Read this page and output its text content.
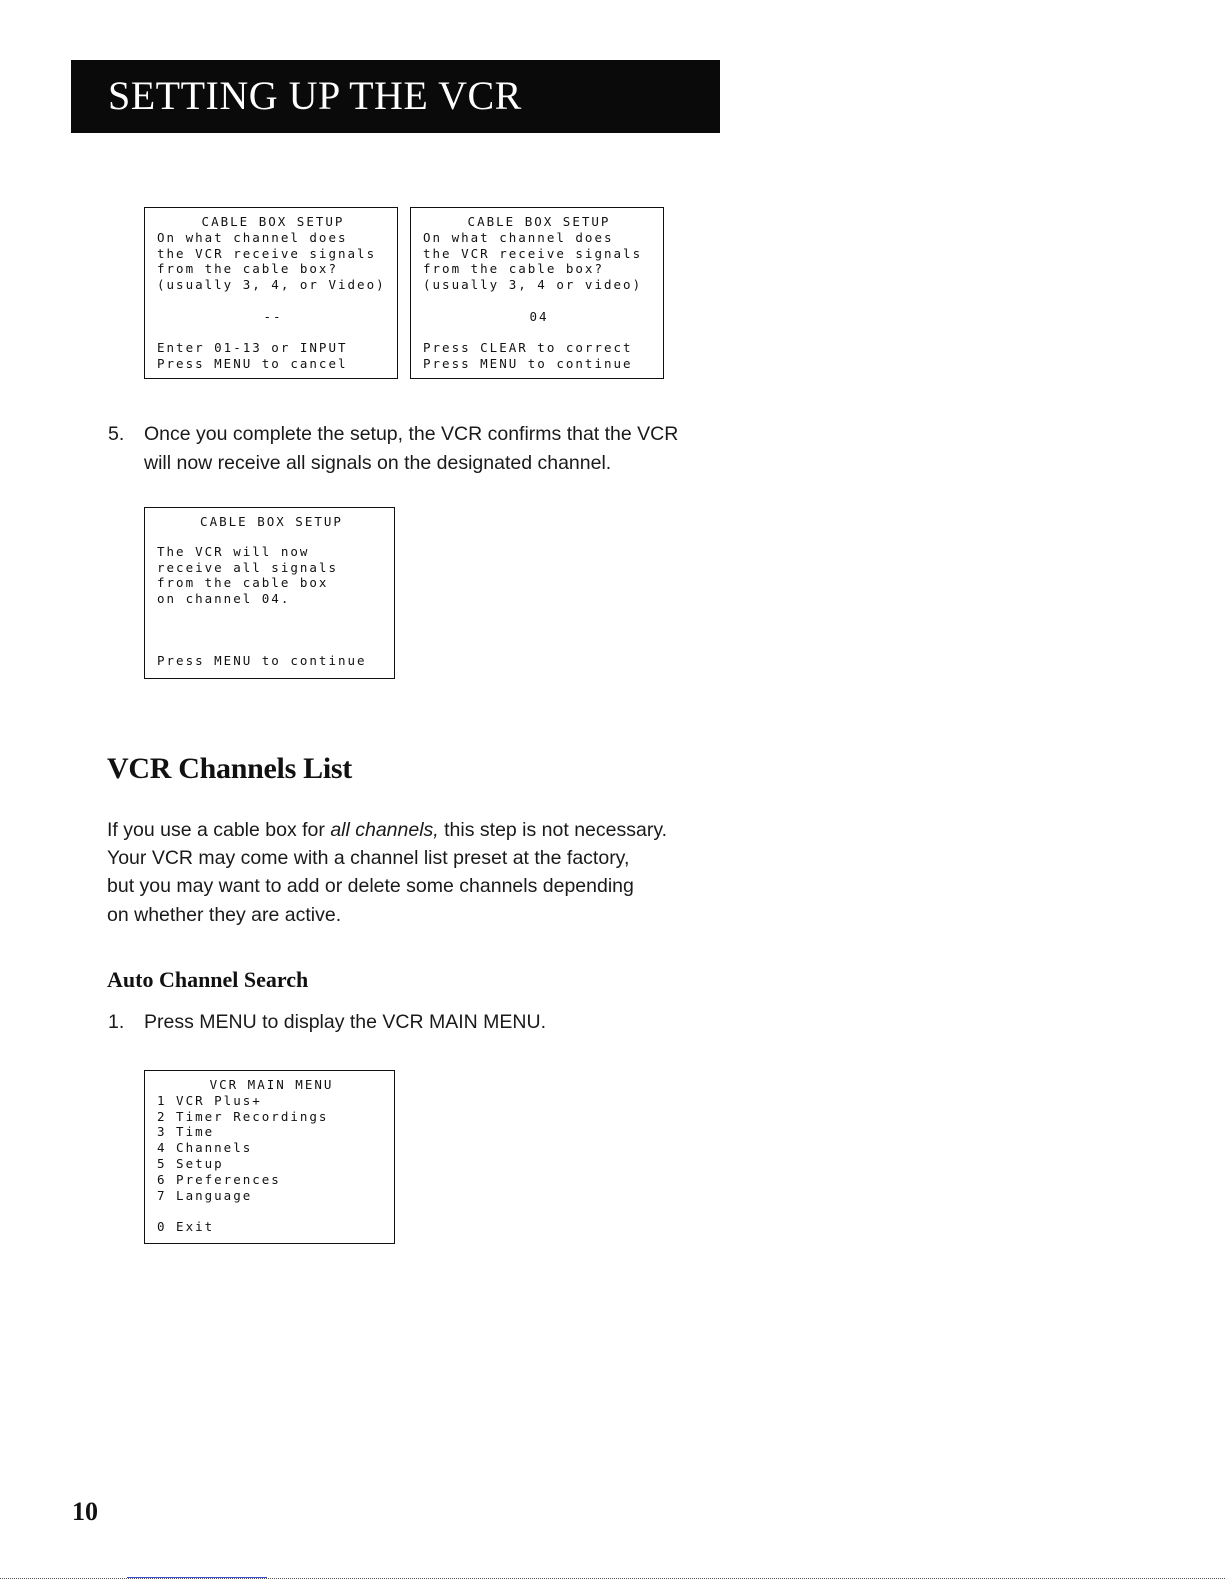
SETTING UP THE VCR
CABLE BOX SETUP
On what channel does
the VCR receive signals
from the cable box?
(usually 3, 4, or Video)
--
Enter 01-13 or INPUT
Press MENU to cancel
CABLE BOX SETUP
On what channel does
the VCR receive signals
from the cable box?
(usually 3, 4 or video)
04
Press CLEAR to correct
Press MENU to continue
5. Once you complete the setup, the VCR confirms that the VCR
will now receive all signals on the designated channel.
CABLE BOX SETUP
The VCR will now
receive all signals
from the cable box
on channel 04.
Press MENU to continue
VCR Channels List
If you use a cable box for all channels, this step is not necessary.
Your VCR may come with a channel list preset at the factory,
but you may want to add or delete some channels depending
on whether they are active.
Auto Channel Search
1. Press MENU to display the VCR MAIN MENU.
VCR MAIN MENU
1 VCR Plus+
2 Timer Recordings
3 Time
4 Channels
5 Setup
6 Preferences
7 Language
0 Exit
10
